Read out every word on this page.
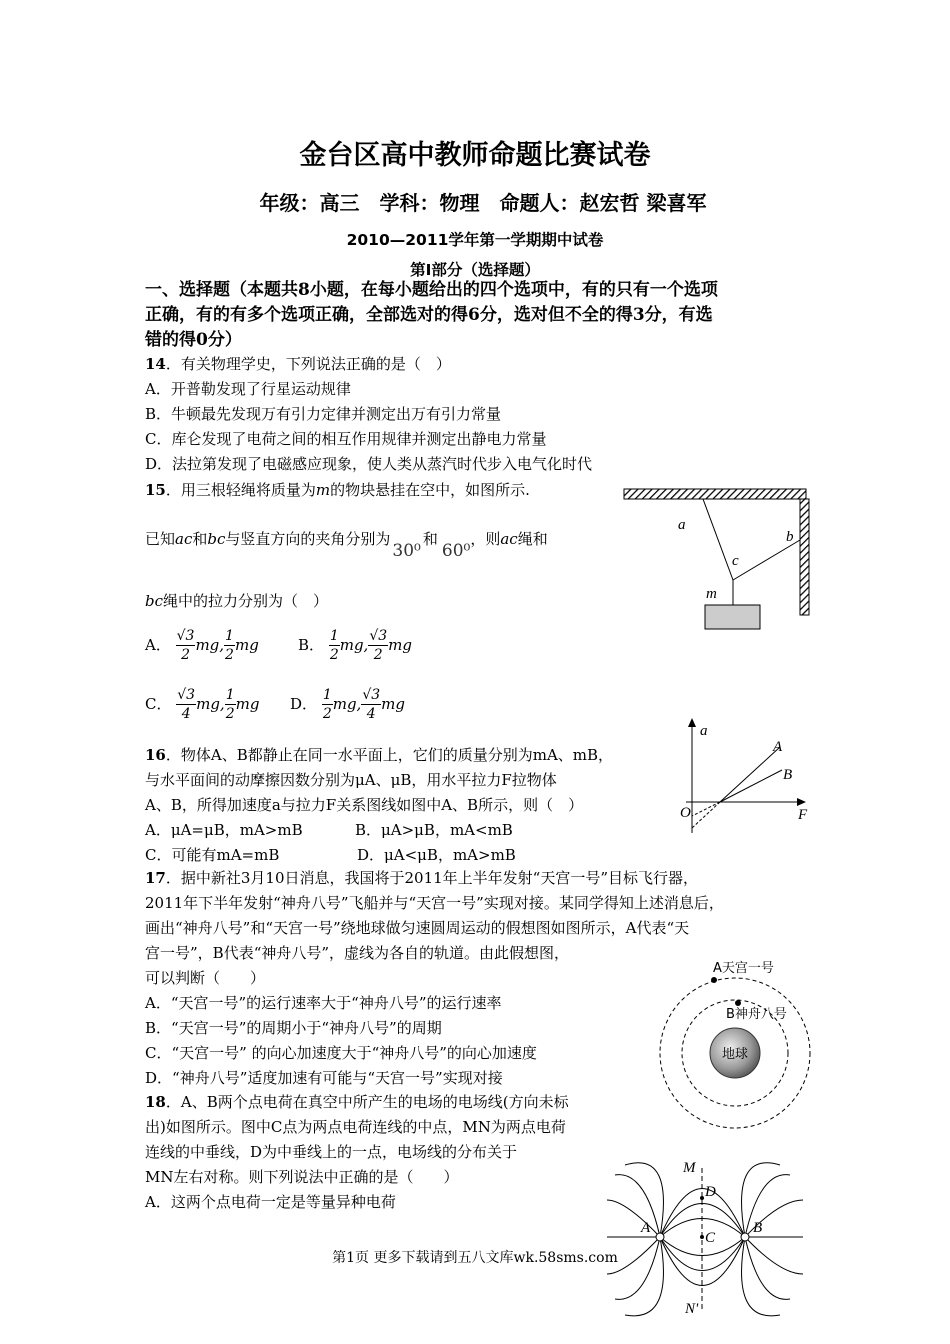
金台区高中教师命题比赛试卷
年级：高三　学科：物理　命题人：赵宏哲 梁喜军
2010—2011学年第一学期期中试卷
第Ⅰ部分（选择题）
一、选择题（本题共8小题，在每小题给出的四个选项中，有的只有一个选项
正确，有的有多个选项正确，全部选对的得6分，选对但不全的得3分，有选
错的得0分）
14．有关物理学史，下列说法正确的是（　）
A．开普勒发现了行星运动规律
B．牛顿最先发现万有引力定律并测定出万有引力常量
C．库仑发现了电荷之间的相互作用规律并测定出静电力常量
D．法拉第发现了电磁感应现象，使人类从蒸汽时代步入电气化时代
15．用三根轻绳将质量为m的物块悬挂在空中，如图所示.
已知ac和bc与竖直方向的夹角分别为30⁰和60⁰，则ac绳和
bc绳中的拉力分别为（　）
A． $\frac{√3}{2}$ mg, $\frac{1}{2}$ mg	B． $\frac{1}{2}$ mg, $\frac{√3}{2}$ mg
C． $\frac{√3}{4}$ mg, $\frac{1}{2}$ mg D． $\frac{1}{2}$ mg, $\frac{√3}{4}$ mg
a
b
c
m
16．物体A、B都静止在同一水平面上，它们的质量分别为mA、mB，
与水平面间的动摩擦因数分别为μA、μB，用水平拉力F拉物体
A、B，所得加速度a与拉力F关系图线如图中A、B所示，则（　）
A．μA=μB，mA>mB	B．μA>μB，mA<mB
C．可能有mA=mB	D．μA<μB，mA>mB
a
A
B
O	F
17．据中新社3月10日消息，我国将于2011年上半年发射“天宫一号”目标飞行器，
2011年下半年发射“神舟八号”飞船并与“天宫一号”实现对接。某同学得知上述消息后，
画出“神舟八号”和“天宫一号”绕地球做匀速圆周运动的假想图如图所示，A代表“天
宫一号”，B代表“神舟八号”，虚线为各自的轨道。由此假想图，
可以判断（　　）
A．“天宫一号”的运行速率大于“神舟八号”的运行速率
B．“天宫一号”的周期小于“神舟八号”的周期
C．“天宫一号” 的向心加速度大于“神舟八号”的向心加速度
D．“神舟八号”适度加速有可能与“天宫一号”实现对接
地球
A天宫一号
B神舟八号
18．A、B两个点电荷在真空中所产生的电场的电场线(方向未标
出)如图所示。图中C点为两点电荷连线的中点，MN为两点电荷
连线的中垂线，D为中垂线上的一点，电场线的分布关于
MN左右对称。则下列说法中正确的是（　　）
A．这两个点电荷一定是等量异种电荷
M
N'
A	B
C
D
第1页 更多下载请到五八文库wk.58sms.com
